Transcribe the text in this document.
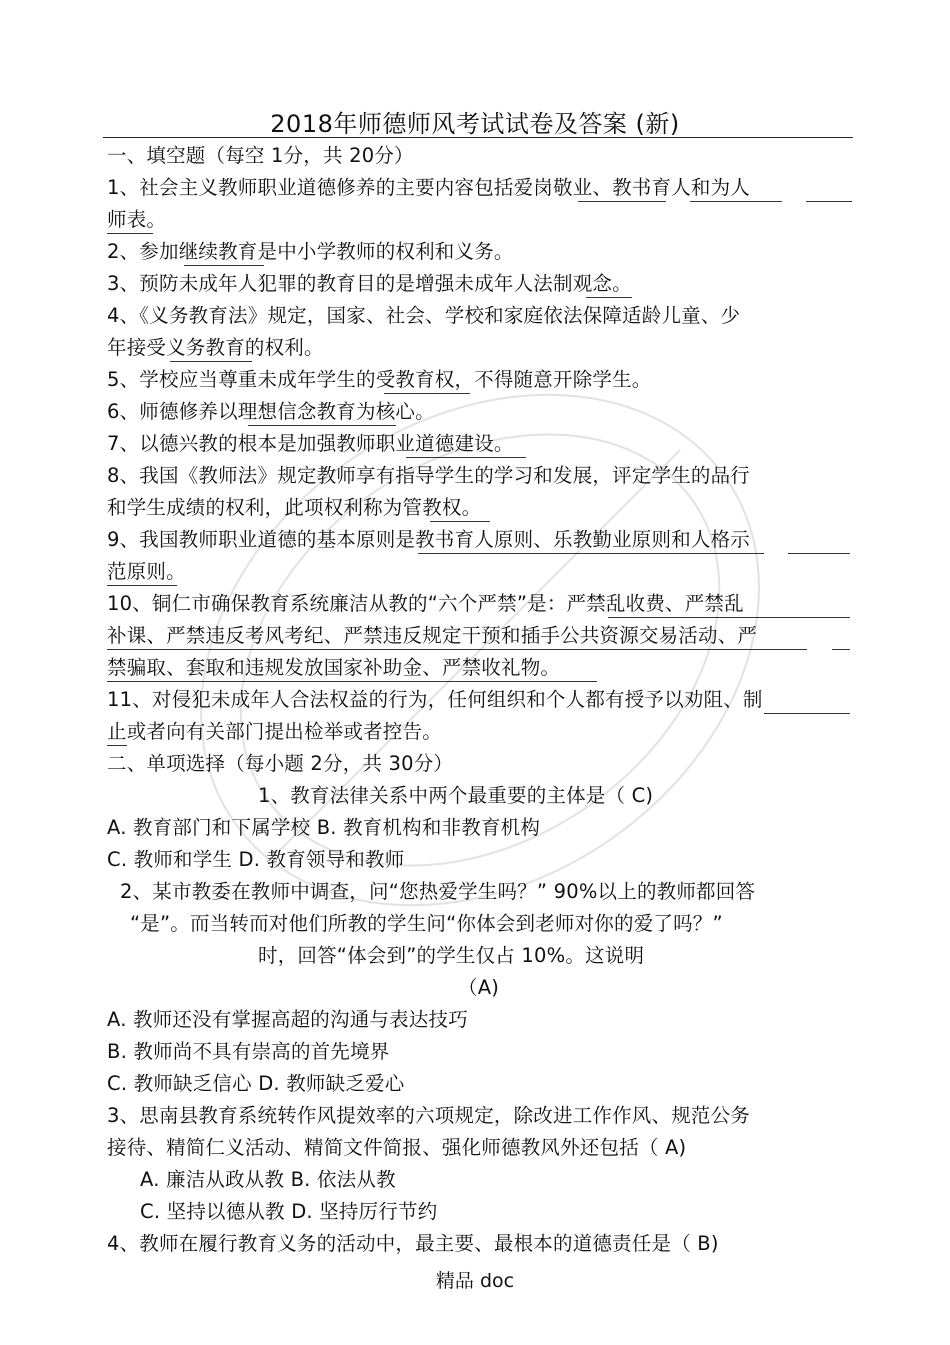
2018年师德师风考试试卷及答案 (新)

一、填空题（每空 1分，共 20分）

1、社会主义教师职业道德修养的主要内容包括爱岗敬业、教书育人和为人

师表。

2、参加继续教育是中小学教师的权利和义务。

3、预防未成年人犯罪的教育目的是增强未成年人法制观念。

4、《义务教育法》规定，国家、社会、学校和家庭依法保障适龄儿童、少

年接受义务教育的权利。

5、学校应当尊重未成年学生的受教育权，不得随意开除学生。

6、师德修养以理想信念教育为核心。

7、以德兴教的根本是加强教师职业道德建设。

8、我国《教师法》规定教师享有指导学生的学习和发展，评定学生的品行

和学生成绩的权利，此项权利称为管教权。

9、我国教师职业道德的基本原则是教书育人原则、乐教勤业原则和人格示

范原则。

10、铜仁市确保教育系统廉洁从教的“六个严禁”是：严禁乱收费、严禁乱

补课、严禁违反考风考纪、严禁违反规定干预和插手公共资源交易活动、严

禁骗取、套取和违规发放国家补助金、严禁收礼物。

11、对侵犯未成年人合法权益的行为，任何组织和个人都有授予以劝阻、制

止或者向有关部门提出检举或者控告。

二、单项选择（每小题 2分，共 30分）

1、教育法律关系中两个最重要的主体是（ C)

A. 教育部门和下属学校 B. 教育机构和非教育机构

C. 教师和学生 D. 教育领导和教师

2、某市教委在教师中调查，问“您热爱学生吗？” 90%以上的教师都回答

“是”。而当转而对他们所教的学生问“你体会到老师对你的爱了吗？”

时，回答“体会到”的学生仅占 10%。这说明

（A)

A. 教师还没有掌握高超的沟通与表达技巧

B. 教师尚不具有崇高的首先境界

C. 教师缺乏信心 D. 教师缺乏爱心

3、思南县教育系统转作风提效率的六项规定，除改进工作作风、规范公务

接待、精简仁义活动、精简文件简报、强化师德教风外还包括（ A)

A. 廉洁从政从教 B. 依法从教

C. 坚持以德从教 D. 坚持厉行节约

4、教师在履行教育义务的活动中，最主要、最根本的道德责任是（ B)

精品 doc
